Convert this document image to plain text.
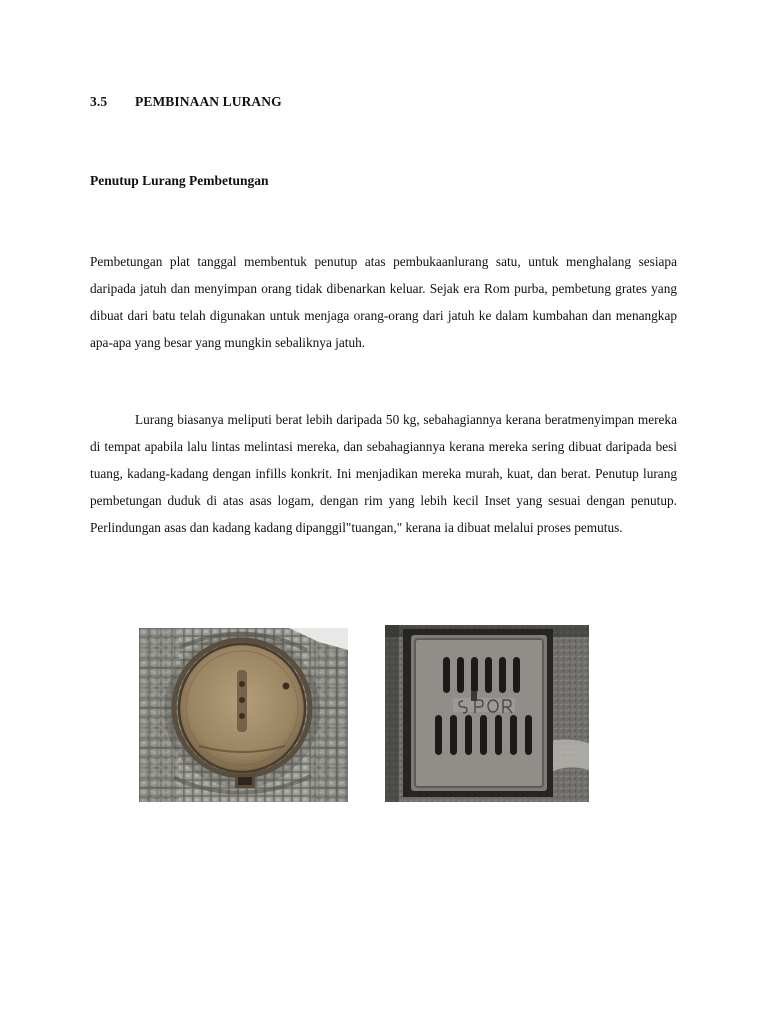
3.5 PEMBINAAN LURANG
Penutup Lurang Pembetungan

Pembetungan plat tanggal membentuk penutup atas pembukaanlurang satu, untuk menghalang sesiapa daripada jatuh dan menyimpan orang tidak dibenarkan keluar. Sejak era Rom purba, pembetung grates yang dibuat dari batu telah digunakan untuk menjaga orang-orang dari jatuh ke dalam kumbahan dan menangkap apa-apa yang besar yang mungkin sebaliknya jatuh.

Lurang biasanya meliputi berat lebih daripada 50 kg, sebahagiannya kerana beratmenyimpan mereka di tempat apabila lalu lintas melintasi mereka, dan sebahagiannya kerana mereka sering dibuat daripada besi tuang, kadang-kadang dengan infills konkrit. Ini menjadikan mereka murah, kuat, dan berat. Penutup lurang pembetungan duduk di atas asas logam, dengan rim yang lebih kecil Inset yang sesuai dengan penutup. Perlindungan asas dan kadang kadang dipanggil"tuangan," kerana ia dibuat melalui proses pemutus.
